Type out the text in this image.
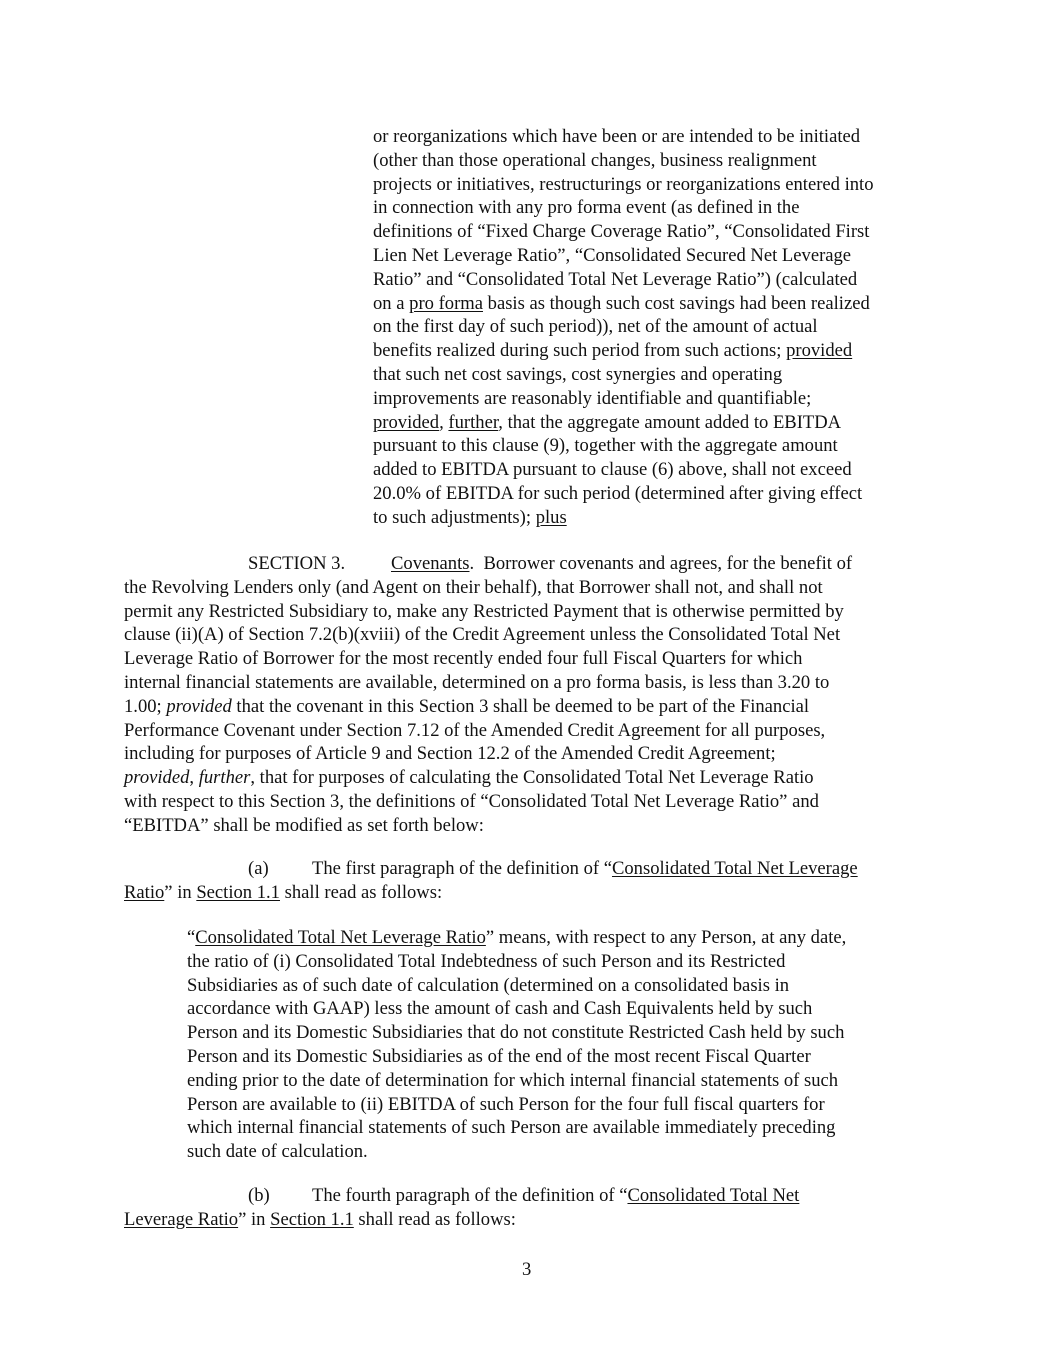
or reorganizations which have been or are intended to be initiated
(other than those operational changes, business realignment
projects or initiatives, restructurings or reorganizations entered into
in connection with any pro forma event (as defined in the
definitions of “Fixed Charge Coverage Ratio”, “Consolidated First
Lien Net Leverage Ratio”, “Consolidated Secured Net Leverage
Ratio” and “Consolidated Total Net Leverage Ratio”) (calculated
on a pro forma basis as though such cost savings had been realized
on the first day of such period)), net of the amount of actual
benefits realized during such period from such actions; provided
that such net cost savings, cost synergies and operating
improvements are reasonably identifiable and quantifiable;
provided, further, that the aggregate amount added to EBITDA
pursuant to this clause (9), together with the aggregate amount
added to EBITDA pursuant to clause (6) above, shall not exceed
20.0% of EBITDA for such period (determined after giving effect
to such adjustments); plus
Covenants.  Borrower covenants and agrees, for the benefit of
the Revolving Lenders only (and Agent on their behalf), that Borrower shall not, and shall not
permit any Restricted Subsidiary to, make any Restricted Payment that is otherwise permitted by
clause (ii)(A) of Section 7.2(b)(xviii) of the Credit Agreement unless the Consolidated Total Net
Leverage Ratio of Borrower for the most recently ended four full Fiscal Quarters for which
internal financial statements are available, determined on a pro forma basis, is less than 3.20 to
1.00; provided that the covenant in this Section 3 shall be deemed to be part of the Financial
Performance Covenant under Section 7.12 of the Amended Credit Agreement for all purposes,
including for purposes of Article 9 and Section 12.2 of the Amended Credit Agreement;
provided, further, that for purposes of calculating the Consolidated Total Net Leverage Ratio
with respect to this Section 3, the definitions of “Consolidated Total Net Leverage Ratio” and
“EBITDA” shall be modified as set forth below:
The first paragraph of the definition of “Consolidated Total Net Leverage
Ratio” in Section 1.1 shall read as follows:
“Consolidated Total Net Leverage Ratio” means, with respect to any Person, at any date,
the ratio of (i) Consolidated Total Indebtedness of such Person and its Restricted
Subsidiaries as of such date of calculation (determined on a consolidated basis in
accordance with GAAP) less the amount of cash and Cash Equivalents held by such
Person and its Domestic Subsidiaries that do not constitute Restricted Cash held by such
Person and its Domestic Subsidiaries as of the end of the most recent Fiscal Quarter
ending prior to the date of determination for which internal financial statements of such
Person are available to (ii) EBITDA of such Person for the four full fiscal quarters for
which internal financial statements of such Person are available immediately preceding
such date of calculation.
The fourth paragraph of the definition of “Consolidated Total Net
Leverage Ratio” in Section 1.1 shall read as follows:
SECTION 3.
(a)
(b)
3
